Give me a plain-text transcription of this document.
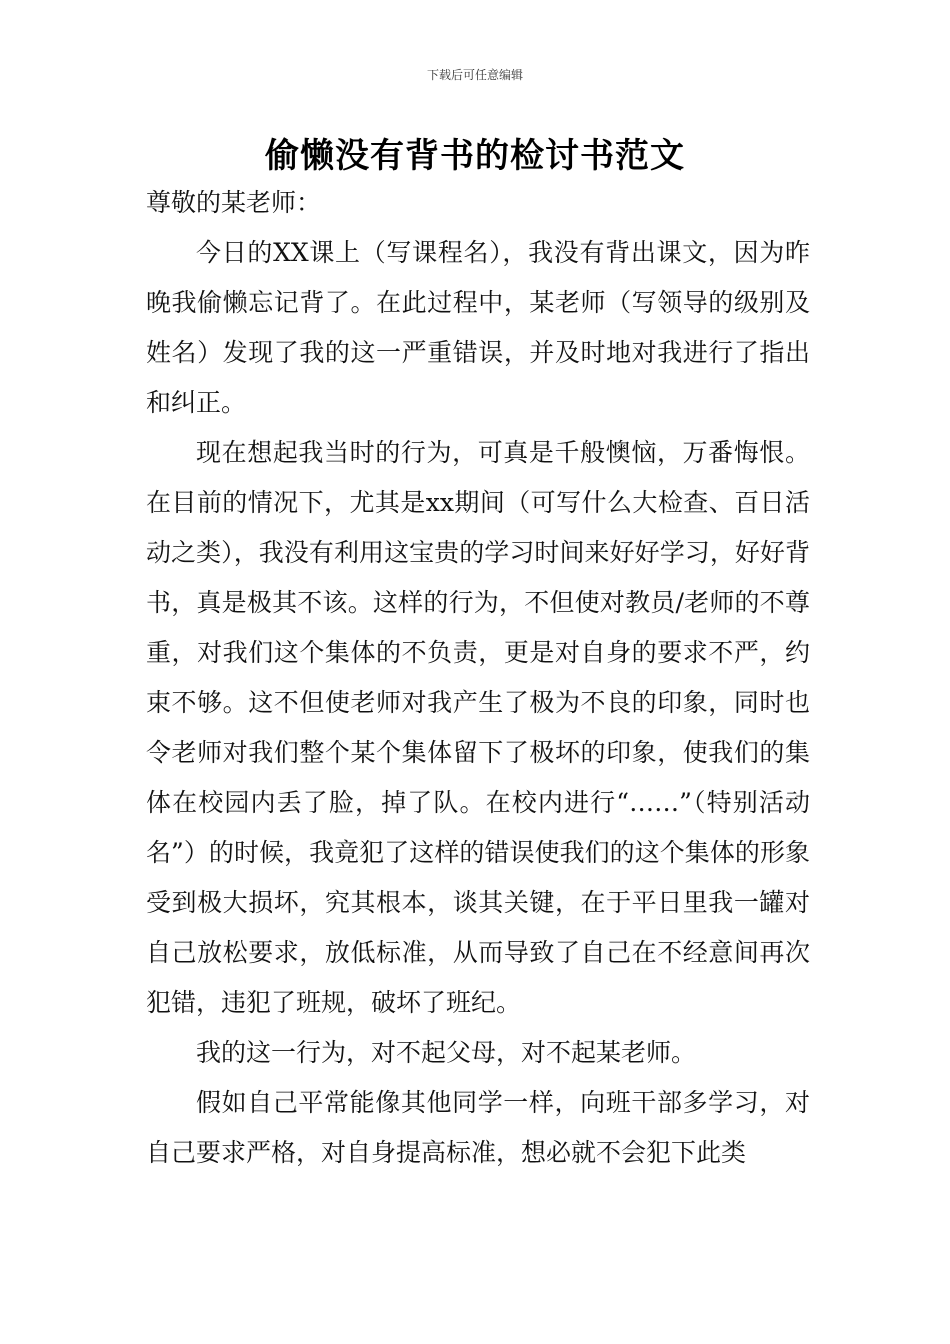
下载后可任意编辑
偷懒没有背书的检讨书范文

尊敬的某老师：

今日的XX课上（写课程名），我没有背出课文，因为昨晚我偷懒忘记背了。在此过程中，某老师（写领导的级别及姓名）发现了我的这一严重错误，并及时地对我进行了指出和纠正。

现在想起我当时的行为，可真是千般懊恼，万番悔恨。在目前的情况下，尤其是xx期间（可写什么大检查、百日活动之类），我没有利用这宝贵的学习时间来好好学习，好好背书，真是极其不该。这样的行为，不但使对教员/老师的不尊重，对我们这个集体的不负责，更是对自身的要求不严，约束不够。这不但使老师对我产生了极为不良的印象，同时也令老师对我们整个某个集体留下了极坏的印象，使我们的集体在校园内丢了脸，掉了队。在校内进行“……”（特别活动名”）的时候，我竟犯了这样的错误使我们的这个集体的形象受到极大损坏，究其根本，谈其关键，在于平日里我一罐对自己放松要求，放低标准，从而导致了自己在不经意间再次犯错，违犯了班规，破坏了班纪。

我的这一行为，对不起父母，对不起某老师。

假如自己平常能像其他同学一样，向班干部多学习，对自己要求严格，对自身提高标准，想必就不会犯下此类
